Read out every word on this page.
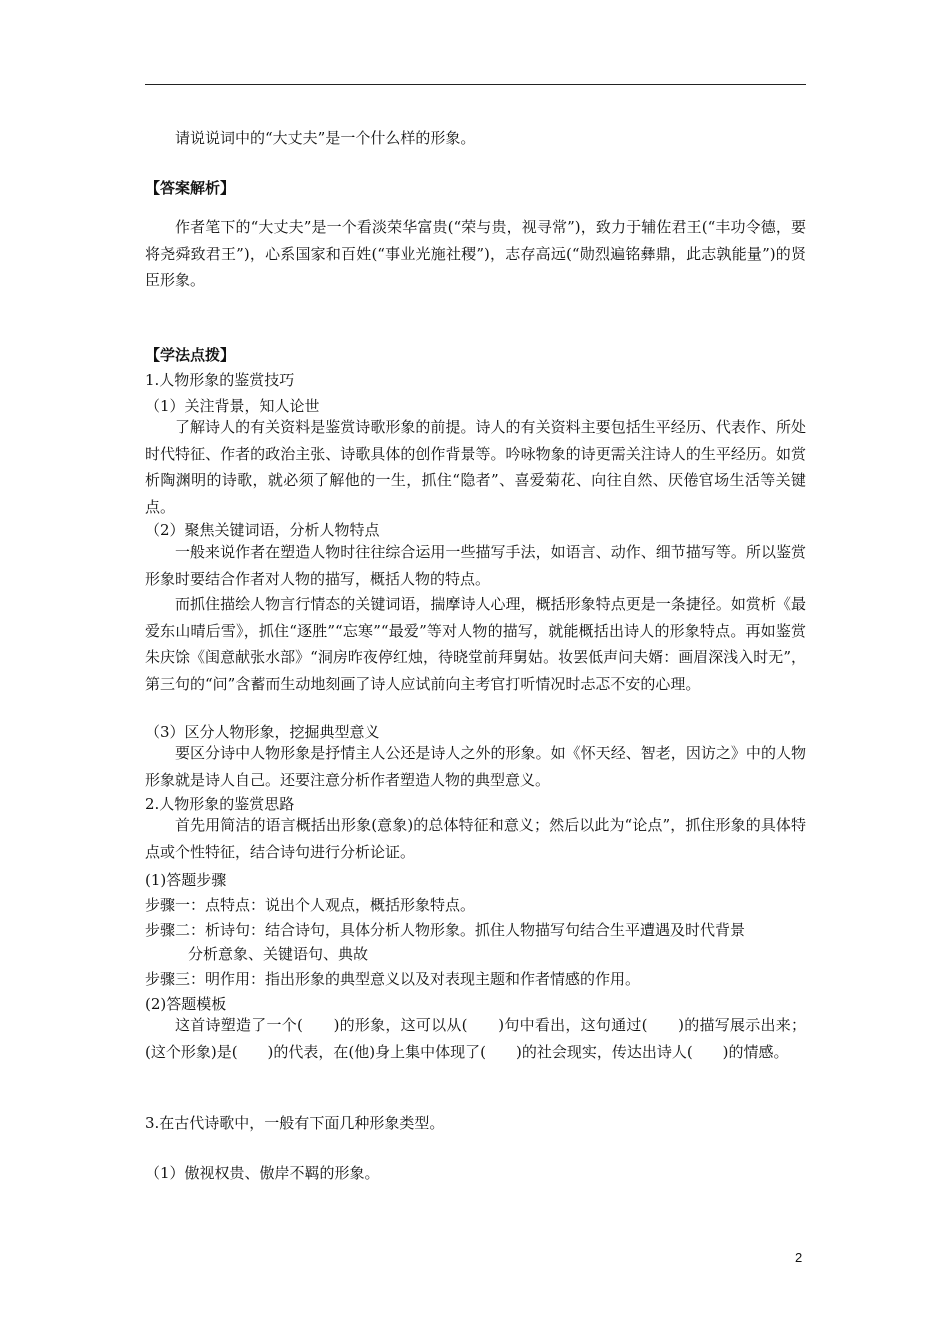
请说说词中的“大丈夫”是一个什么样的形象。
【答案解析】
作者笔下的“大丈夫”是一个看淡荣华富贵(“荣与贵，视寻常”)，致力于辅佐君王(“丰功令德，要将尧舜致君王”)，心系国家和百姓(“事业光施社稷”)，志存高远(“勋烈遍铭彝鼎，此志孰能量”)的贤臣形象。
【学法点拨】
1.人物形象的鉴赏技巧
（1）关注背景，知人论世
了解诗人的有关资料是鉴赏诗歌形象的前提。诗人的有关资料主要包括生平经历、代表作、所处时代特征、作者的政治主张、诗歌具体的创作背景等。吟咏物象的诗更需关注诗人的生平经历。如赏析陶渊明的诗歌，就必须了解他的一生，抓住“隐者”、喜爱菊花、向往自然、厌倦官场生活等关键点。
（2）聚焦关键词语，分析人物特点
一般来说作者在塑造人物时往往综合运用一些描写手法，如语言、动作、细节描写等。所以鉴赏形象时要结合作者对人物的描写，概括人物的特点。
而抓住描绘人物言行情态的关键词语，揣摩诗人心理，概括形象特点更是一条捷径。如赏析《最爱东山晴后雪》，抓住“逐胜”“忘寒”“最爱”等对人物的描写，就能概括出诗人的形象特点。再如鉴赏朱庆馀《闺意献张水部》“洞房昨夜停红烛，待晓堂前拜舅姑。妆罢低声问夫婿：画眉深浅入时无”，第三句的“问”含蓄而生动地刻画了诗人应试前向主考官打听情况时忐忑不安的心理。
（3）区分人物形象，挖掘典型意义
要区分诗中人物形象是抒情主人公还是诗人之外的形象。如《怀天经、智老，因访之》中的人物形象就是诗人自己。还要注意分析作者塑造人物的典型意义。
2.人物形象的鉴赏思路
首先用简洁的语言概括出形象(意象)的总体特征和意义；然后以此为“论点”，抓住形象的具体特点或个性特征，结合诗句进行分析论证。
(1)答题步骤
步骤一：点特点：说出个人观点，概括形象特点。
步骤二：析诗句：结合诗句，具体分析人物形象。抓住人物描写句结合生平遭遇及时代背景
分析意象、关键语句、典故
步骤三：明作用：指出形象的典型意义以及对表现主题和作者情感的作用。
(2)答题模板
这首诗塑造了一个(　　)的形象，这可以从(　　)句中看出，这句通过(　　)的描写展示出来；(这个形象)是(　　)的代表，在(他)身上集中体现了(　　)的社会现实，传达出诗人(　　)的情感。
3.在古代诗歌中，一般有下面几种形象类型。
（1）傲视权贵、傲岸不羁的形象。
2
